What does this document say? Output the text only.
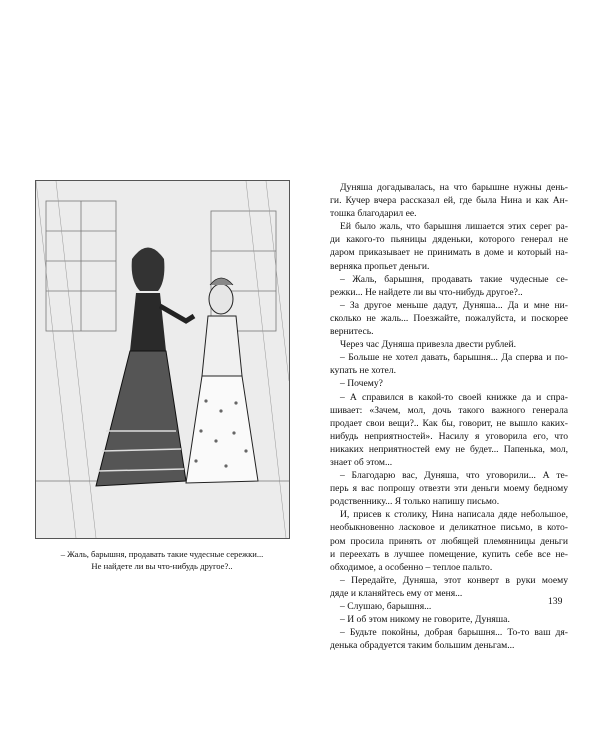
– Жаль, барышня, продавать такие чудесные сережки...
Не найдете ли вы что-нибудь другое?..
Дуняша догадывалась, на что барышне нужны день-
ги. Кучер вчера рассказал ей, где была Нина и как Ан-
тошка благодарил ее.
Ей было жаль, что барышня лишается этих серег ра-
ди какого-то пьяницы дяденьки, которого генерал не
даром приказывает не принимать в доме и который на-
верняка пропьет деньги.
– Жаль, барышня, продавать такие чудесные се-
режки... Не найдете ли вы что-нибудь другое?..
– За другое меньше дадут, Дуняша... Да и мне ни-
сколько не жаль... Поезжайте, пожалуйста, и поскорее
вернитесь.
Через час Дуняша привезла двести рублей.
– Больше не хотел давать, барышня... Да сперва и по-
купать не хотел.
– Почему?
– А справился в какой-то своей книжке да и спра-
шивает: «Зачем, мол, дочь такого важного генерала
продает свои вещи?.. Как бы, говорит, не вышло каких-
нибудь неприятностей». Насилу я уговорила его, что
никаких неприятностей ему не будет... Папенька, мол,
знает об этом...
– Благодарю вас, Дуняша, что уговорили... А те-
перь я вас попрошу отвезти эти деньги моему бедному
родственнику... Я только напишу письмо.
И, присев к столику, Нина написала дяде небольшое,
необыкновенно ласковое и деликатное письмо, в кото-
ром просила принять от любящей племянницы деньги
и переехать в лучшее помещение, купить себе все не-
обходимое, а особенно – теплое пальто.
– Передайте, Дуняша, этот конверт в руки моему
дяде и кланяйтесь ему от меня...
– Слушаю, барышня...
– И об этом никому не говорите, Дуняша.
– Будьте покойны, добрая барышня... То-то ваш дя-
денька обрадуется таким большим деньгам...
139
